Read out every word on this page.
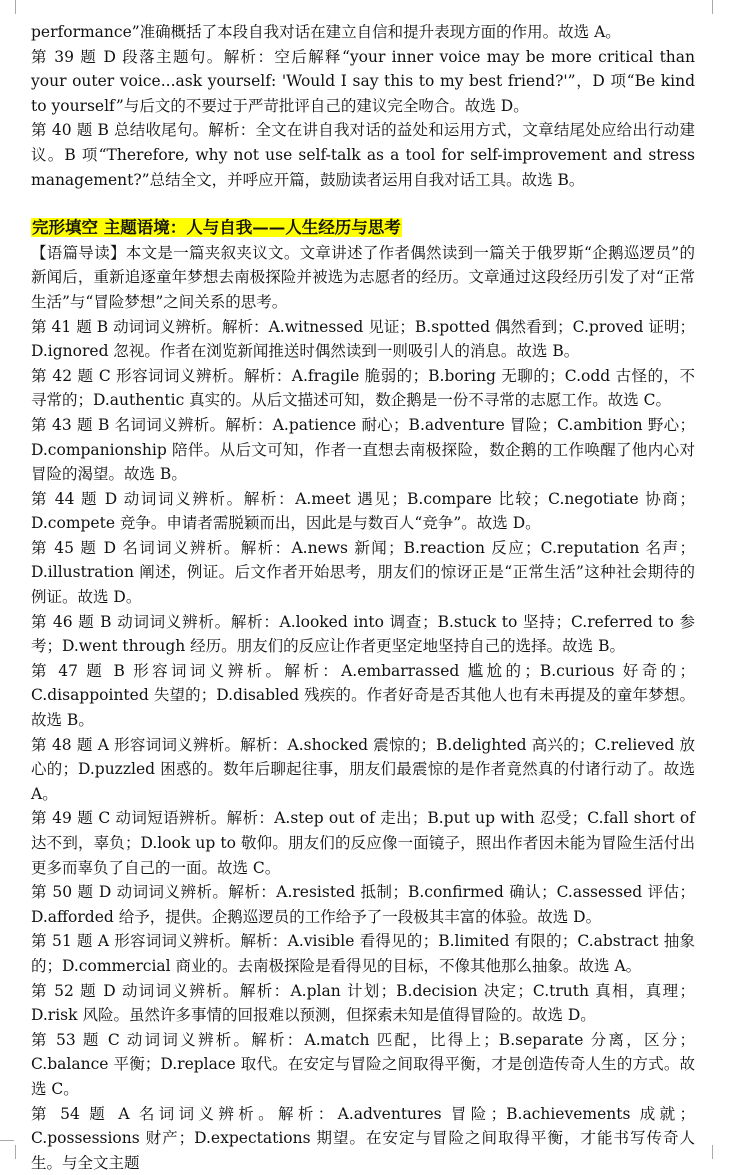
performance”准确概括了本段自我对话在建立自信和提升表现方面的作用。故选 A。

第 39 题 D 段落主题句。解析：空后解释“your inner voice may be more critical than your outer voice...ask yourself: 'Would I say this to my best friend?'”，D 项“Be kind to yourself”与后文的不要过于严苛批评自己的建议完全吻合。故选 D。

第 40 题 B 总结收尾句。解析：全文在讲自我对话的益处和运用方式，文章结尾处应给出行动建议。B 项“Therefore, why not use self-talk as a tool for self-improvement and stress management?”总结全文，并呼应开篇，鼓励读者运用自我对话工具。故选 B。

完形填空 主题语境：人与自我——人生经历与思考

【语篇导读】本文是一篇夹叙夹议文。文章讲述了作者偶然读到一篇关于俄罗斯“企鹅巡逻员”的新闻后，重新追逐童年梦想去南极探险并被选为志愿者的经历。文章通过这段经历引发了对“正常生活”与“冒险梦想”之间关系的思考。

第 41 题 B 动词词义辨析。解析：A.witnessed 见证；B.spotted 偶然看到；C.proved 证明；D.ignored 忽视。作者在浏览新闻推送时偶然读到一则吸引人的消息。故选 B。

第 42 题 C 形容词词义辨析。解析：A.fragile 脆弱的；B.boring 无聊的；C.odd 古怪的，不寻常的；D.authentic 真实的。从后文描述可知，数企鹅是一份不寻常的志愿工作。故选 C。

第 43 题 B 名词词义辨析。解析：A.patience 耐心；B.adventure 冒险；C.ambition 野心；D.companionship 陪伴。从后文可知，作者一直想去南极探险，数企鹅的工作唤醒了他内心对冒险的渴望。故选 B。

第 44 题 D 动词词义辨析。解析：A.meet 遇见；B.compare 比较；C.negotiate 协商；D.compete 竞争。申请者需脱颖而出，因此是与数百人“竞争”。故选 D。

第 45 题 D 名词词义辨析。解析：A.news 新闻；B.reaction 反应；C.reputation 名声；D.illustration 阐述，例证。后文作者开始思考，朋友们的惊讶正是“正常生活”这种社会期待的例证。故选 D。

第 46 题 B 动词词义辨析。解析：A.looked into 调查；B.stuck to 坚持；C.referred to 参考；D.went through 经历。朋友们的反应让作者更坚定地坚持自己的选择。故选 B。

第 47 题 B 形容词词义辨析。解析：A.embarrassed 尴尬的；B.curious 好奇的；C.disappointed 失望的；D.disabled 残疾的。作者好奇是否其他人也有未再提及的童年梦想。故选 B。

第 48 题 A 形容词词义辨析。解析：A.shocked 震惊的；B.delighted 高兴的；C.relieved 放心的；D.puzzled 困惑的。数年后聊起往事，朋友们最震惊的是作者竟然真的付诸行动了。故选 A。

第 49 题 C 动词短语辨析。解析：A.step out of 走出；B.put up with 忍受；C.fall short of 达不到，辜负；D.look up to 敬仰。朋友们的反应像一面镜子，照出作者因未能为冒险生活付出更多而辜负了自己的一面。故选 C。

第 50 题 D 动词词义辨析。解析：A.resisted 抵制；B.confirmed 确认；C.assessed 评估；D.afforded 给予，提供。企鹅巡逻员的工作给予了一段极其丰富的体验。故选 D。

第 51 题 A 形容词词义辨析。解析：A.visible 看得见的；B.limited 有限的；C.abstract 抽象的；D.commercial 商业的。去南极探险是看得见的目标，不像其他那么抽象。故选 A。

第 52 题 D 动词词义辨析。解析：A.plan 计划；B.decision 决定；C.truth 真相，真理；D.risk 风险。虽然许多事情的回报难以预测，但探索未知是值得冒险的。故选 D。

第 53 题 C 动词词义辨析。解析：A.match 匹配，比得上；B.separate 分离，区分；C.balance 平衡；D.replace 取代。在安定与冒险之间取得平衡，才是创造传奇人生的方式。故选 C。

第 54 题 A 名词词义辨析。解析：A.adventures 冒险；B.achievements 成就；C.possessions 财产；D.expectations 期望。在安定与冒险之间取得平衡，才能书写传奇人生。与全文主题
